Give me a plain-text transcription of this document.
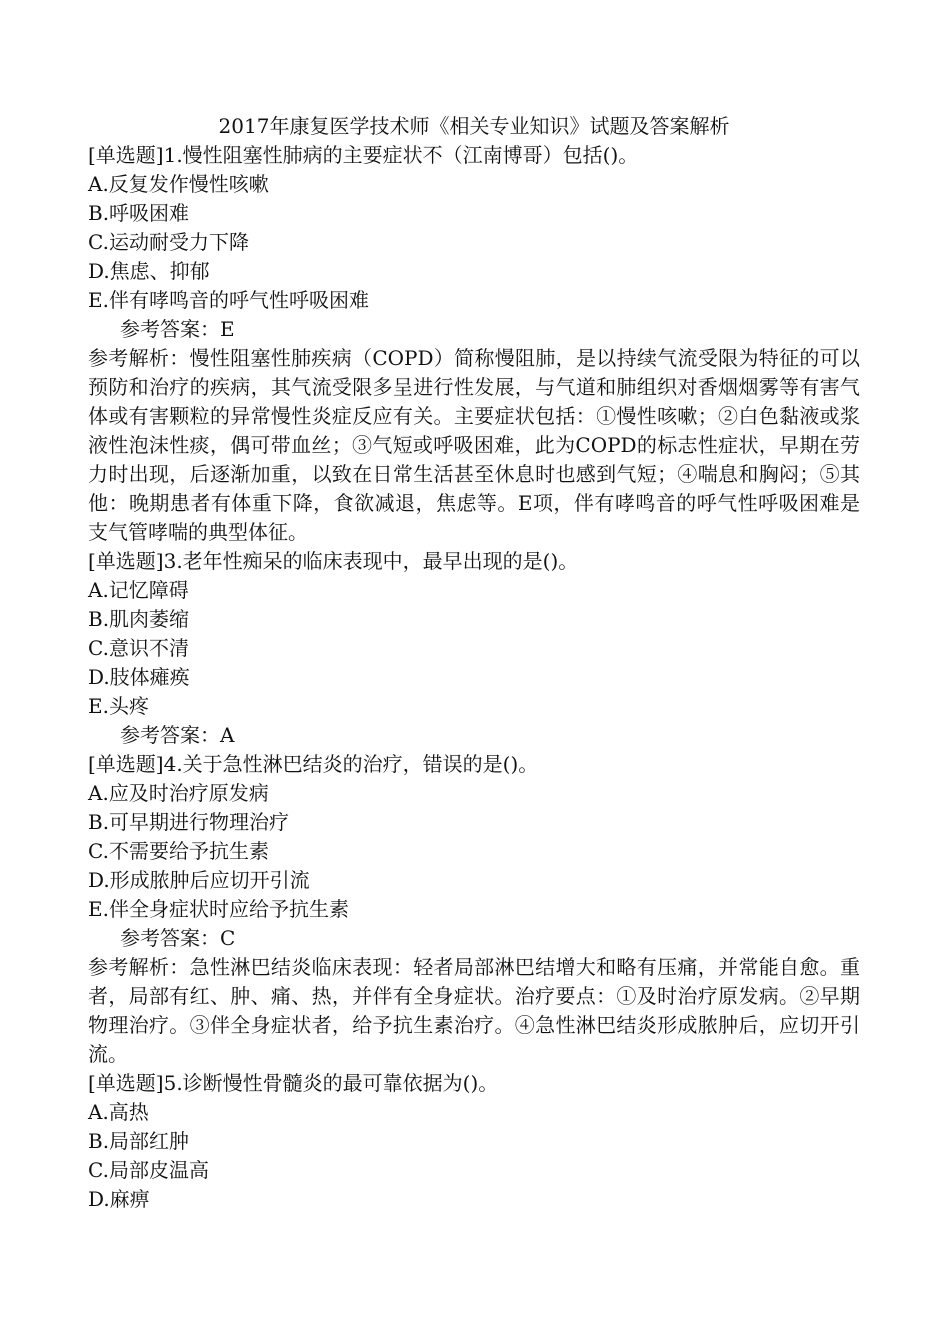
2017年康复医学技术师《相关专业知识》试题及答案解析

[单选题]1.慢性阻塞性肺病的主要症状不（江南博哥）包括()。

A.反复发作慢性咳嗽

B.呼吸困难

C.运动耐受力下降

D.焦虑、抑郁

E.伴有哮鸣音的呼气性呼吸困难

参考答案：E

参考解析：慢性阻塞性肺疾病（COPD）简称慢阻肺，是以持续气流受限为特征的可以预防和治疗的疾病，其气流受限多呈进行性发展，与气道和肺组织对香烟烟雾等有害气体或有害颗粒的异常慢性炎症反应有关。主要症状包括：①慢性咳嗽；②白色黏液或浆液性泡沫性痰，偶可带血丝；③气短或呼吸困难，此为COPD的标志性症状，早期在劳力时出现，后逐渐加重，以致在日常生活甚至休息时也感到气短；④喘息和胸闷；⑤其他：晚期患者有体重下降，食欲减退，焦虑等。E项，伴有哮鸣音的呼气性呼吸困难是支气管哮喘的典型体征。

[单选题]3.老年性痴呆的临床表现中，最早出现的是()。

A.记忆障碍

B.肌肉萎缩

C.意识不清

D.肢体瘫痪

E.头疼

参考答案：A

[单选题]4.关于急性淋巴结炎的治疗，错误的是()。

A.应及时治疗原发病

B.可早期进行物理治疗

C.不需要给予抗生素

D.形成脓肿后应切开引流

E.伴全身症状时应给予抗生素

参考答案：C

参考解析：急性淋巴结炎临床表现：轻者局部淋巴结增大和略有压痛，并常能自愈。重者，局部有红、肿、痛、热，并伴有全身症状。治疗要点：①及时治疗原发病。②早期物理治疗。③伴全身症状者，给予抗生素治疗。④急性淋巴结炎形成脓肿后，应切开引流。

[单选题]5.诊断慢性骨髓炎的最可靠依据为()。

A.高热

B.局部红肿

C.局部皮温高

D.麻痹
